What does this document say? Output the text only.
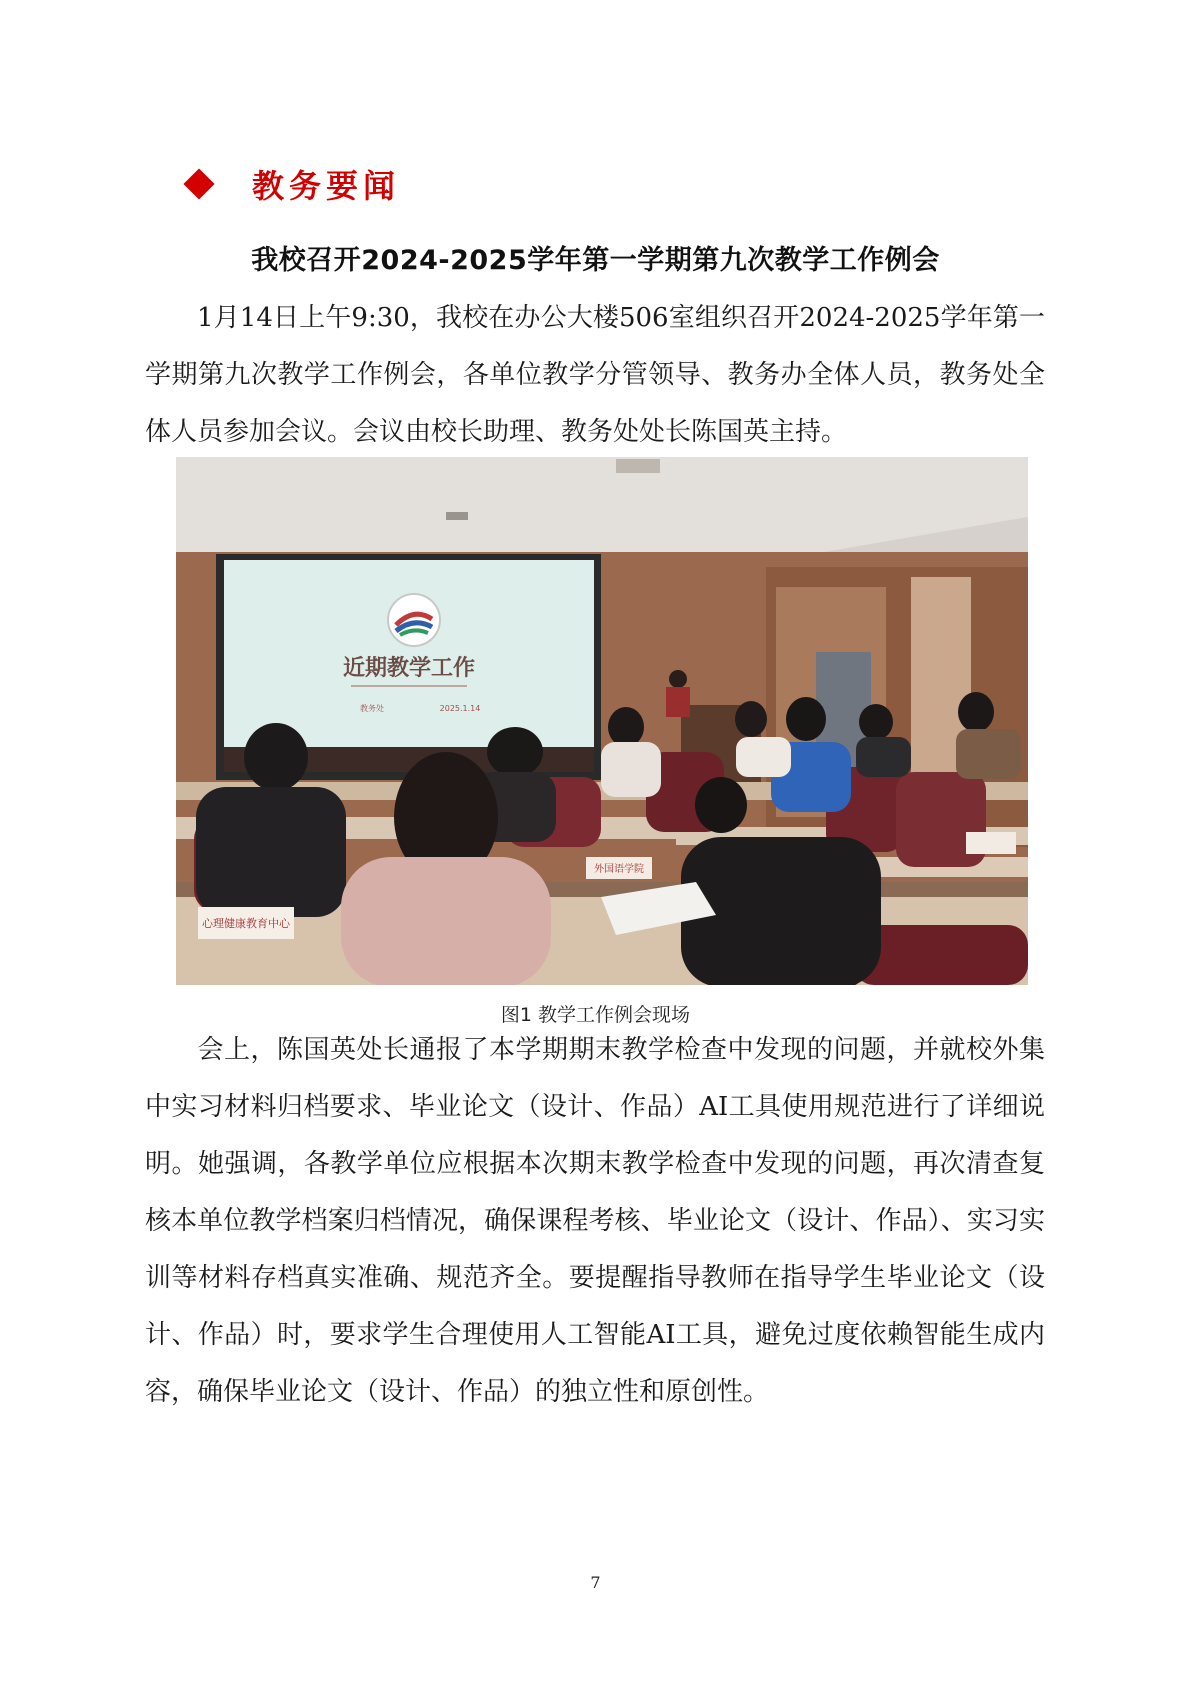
教务要闻
我校召开2024-2025学年第一学期第九次教学工作例会

1月14日上午9:30，我校在办公大楼506室组织召开2024-2025学年第一学期第九次教学工作例会，各单位教学分管领导、教务办全体人员，教务处全体人员参加会议。会议由校长助理、教务处处长陈国英主持。

近期教学工作
教务处	2025.1.14
心理健康教育中心
外国语学院
图1 教学工作例会现场

会上，陈国英处长通报了本学期期末教学检查中发现的问题，并就校外集中实习材料归档要求、毕业论文（设计、作品）AI工具使用规范进行了详细说明。她强调，各教学单位应根据本次期末教学检查中发现的问题，再次清查复核本单位教学档案归档情况，确保课程考核、毕业论文（设计、作品）、实习实训等材料存档真实准确、规范齐全。要提醒指导教师在指导学生毕业论文（设计、作品）时，要求学生合理使用人工智能AI工具，避免过度依赖智能生成内容，确保毕业论文（设计、作品）的独立性和原创性。

7
